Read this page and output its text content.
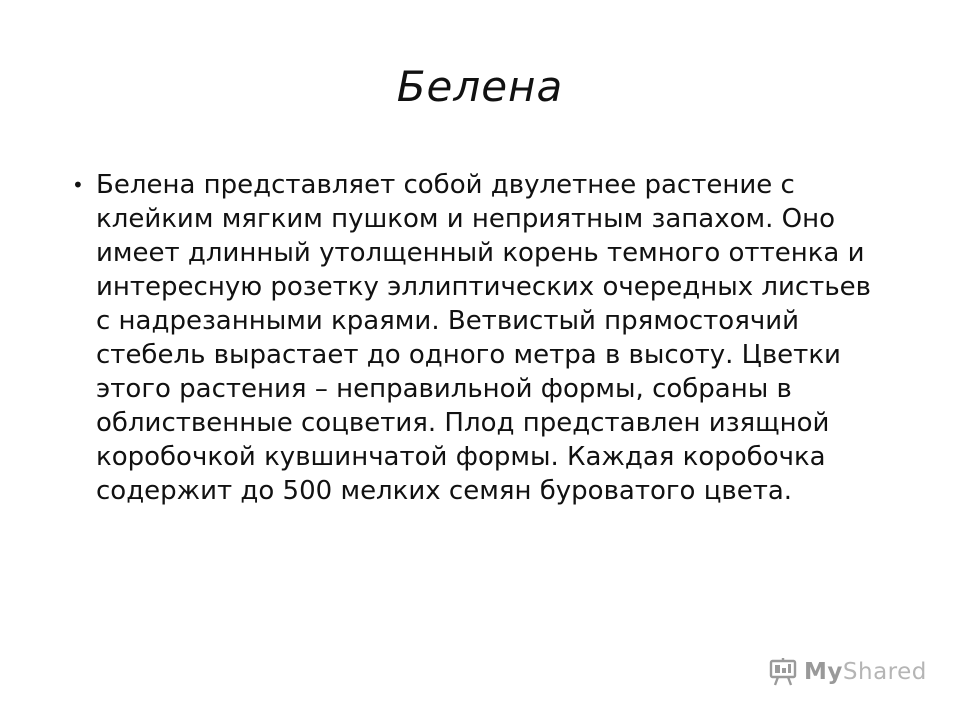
Белена
• Белена представляет собой двулетнее растение с клейким мягким пушком и неприятным запахом. Оно имеет длинный утолщенный корень темного оттенка и интересную розетку эллиптических очередных листьев с надрезанными краями. Ветвистый прямостоячий стебель вырастает до одного метра в высоту. Цветки этого растения – неправильной формы, собраны в облиственные соцветия. Плод представлен изящной коробочкой кувшинчатой формы. Каждая коробочка содержит до 500 мелких семян буроватого цвета.
MyShared
